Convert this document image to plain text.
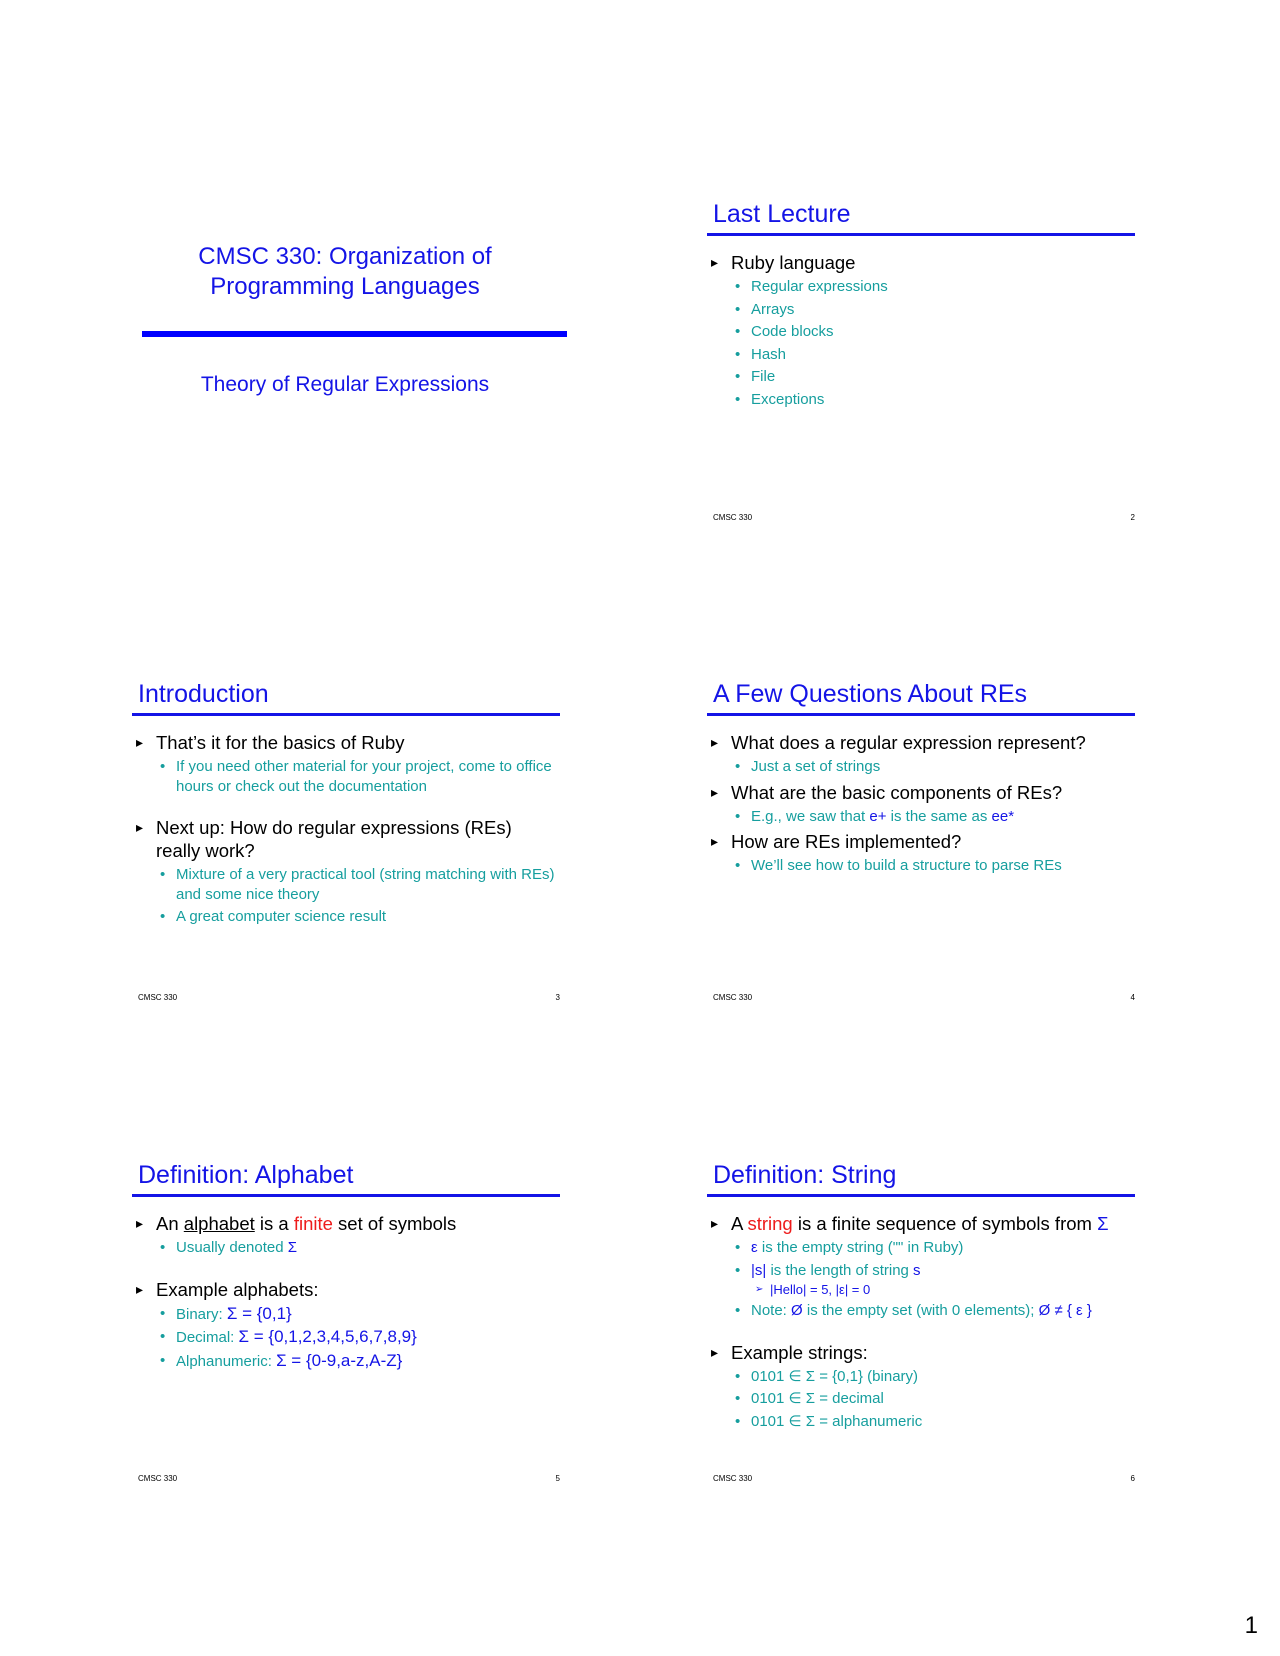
CMSC 330: Organization of
Programming Languages
Theory of Regular Expressions
Last Lecture
▸ Ruby language
• Regular expressions
• Arrays
• Code blocks
• Hash
• File
• Exceptions
CMSC 330	2
Introduction
▸ That’s it for the basics of Ruby
• If you need other material for your project, come to office hours or check out the documentation
▸ Next up: How do regular expressions (REs) really work?
• Mixture of a very practical tool (string matching with REs) and some nice theory
• A great computer science result
CMSC 330	3
A Few Questions About REs
▸ What does a regular expression represent?
• Just a set of strings
▸ What are the basic components of REs?
• E.g., we saw that e+ is the same as ee*
▸ How are REs implemented?
• We’ll see how to build a structure to parse REs
CMSC 330	4
Definition: Alphabet
▸ An alphabet is a finite set of symbols
• Usually denoted Σ
▸ Example alphabets:
• Binary: Σ = {0,1}
• Decimal: Σ = {0,1,2,3,4,5,6,7,8,9}
• Alphanumeric: Σ = {0-9,a-z,A-Z}
CMSC 330	5
Definition: String
▸ A string is a finite sequence of symbols from Σ
• ε is the empty string ("" in Ruby)
• |s| is the length of string s
➢ |Hello| = 5, |ε| = 0
• Note: Ø is the empty set (with 0 elements); Ø ≠ { ε }
▸ Example strings:
• 0101 ∈ Σ = {0,1} (binary)
• 0101 ∈ Σ = decimal
• 0101 ∈ Σ = alphanumeric
CMSC 330	6
1
